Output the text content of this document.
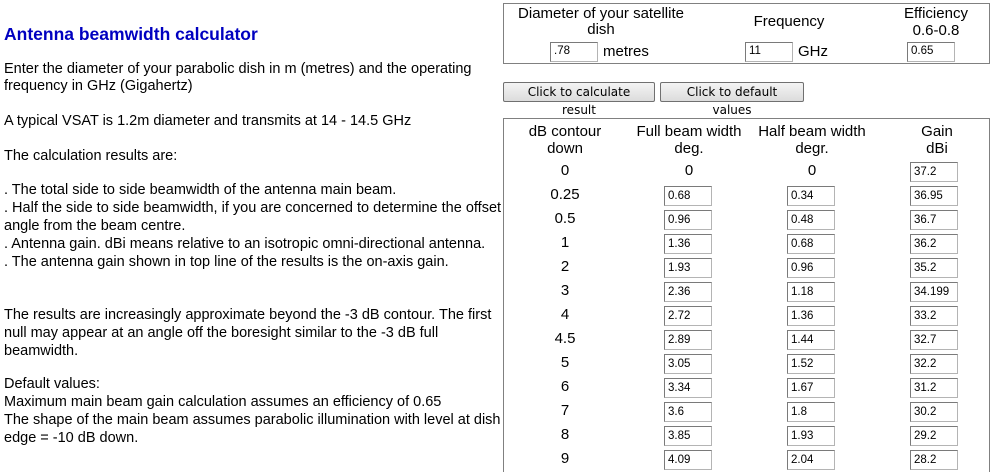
Antenna beamwidth calculator

Enter the diameter of your parabolic dish in m (metres) and the operating frequency in GHz (Gigahertz)

A typical VSAT is 1.2m diameter and transmits at 14 - 14.5 GHz

The calculation results are:

. The total side to side beamwidth of the antenna main beam.
. Half the side to side beamwidth, if you are concerned to determine the offset angle from the beam centre.
. Antenna gain. dBi means relative to an isotropic omni-directional antenna.
. The antenna gain shown in top line of the results is the on-axis gain.

The results are increasingly approximate beyond the -3 dB contour. The first null may appear at an angle off the boresight similar to the -3 dB full beamwidth.

Default values:
Maximum main beam gain calculation assumes an efficiency of 0.65
The shape of the main beam assumes parabolic illumination with level at dish edge = -10 dB down.

Diameter of your satellite dish	Frequency	Efficiency
0.6-0.8
.78	metres	11	GHz	0.65
Click to calculate result
Click to default values
dB contour
down
Full beam width
deg.
Half beam width
degr.
Gain
dBi
0	0	0	37.2
0.25	0.68	0.34	36.95
0.5	0.96	0.48	36.7
1	1.36	0.68	36.2
2	1.93	0.96	35.2
3	2.36	1.18	34.199
4	2.72	1.36	33.2
4.5	2.89	1.44	32.7
5	3.05	1.52	32.2
6	3.34	1.67	31.2
7	3.6	1.8	30.2
8	3.85	1.93	29.2
9	4.09	2.04	28.2
